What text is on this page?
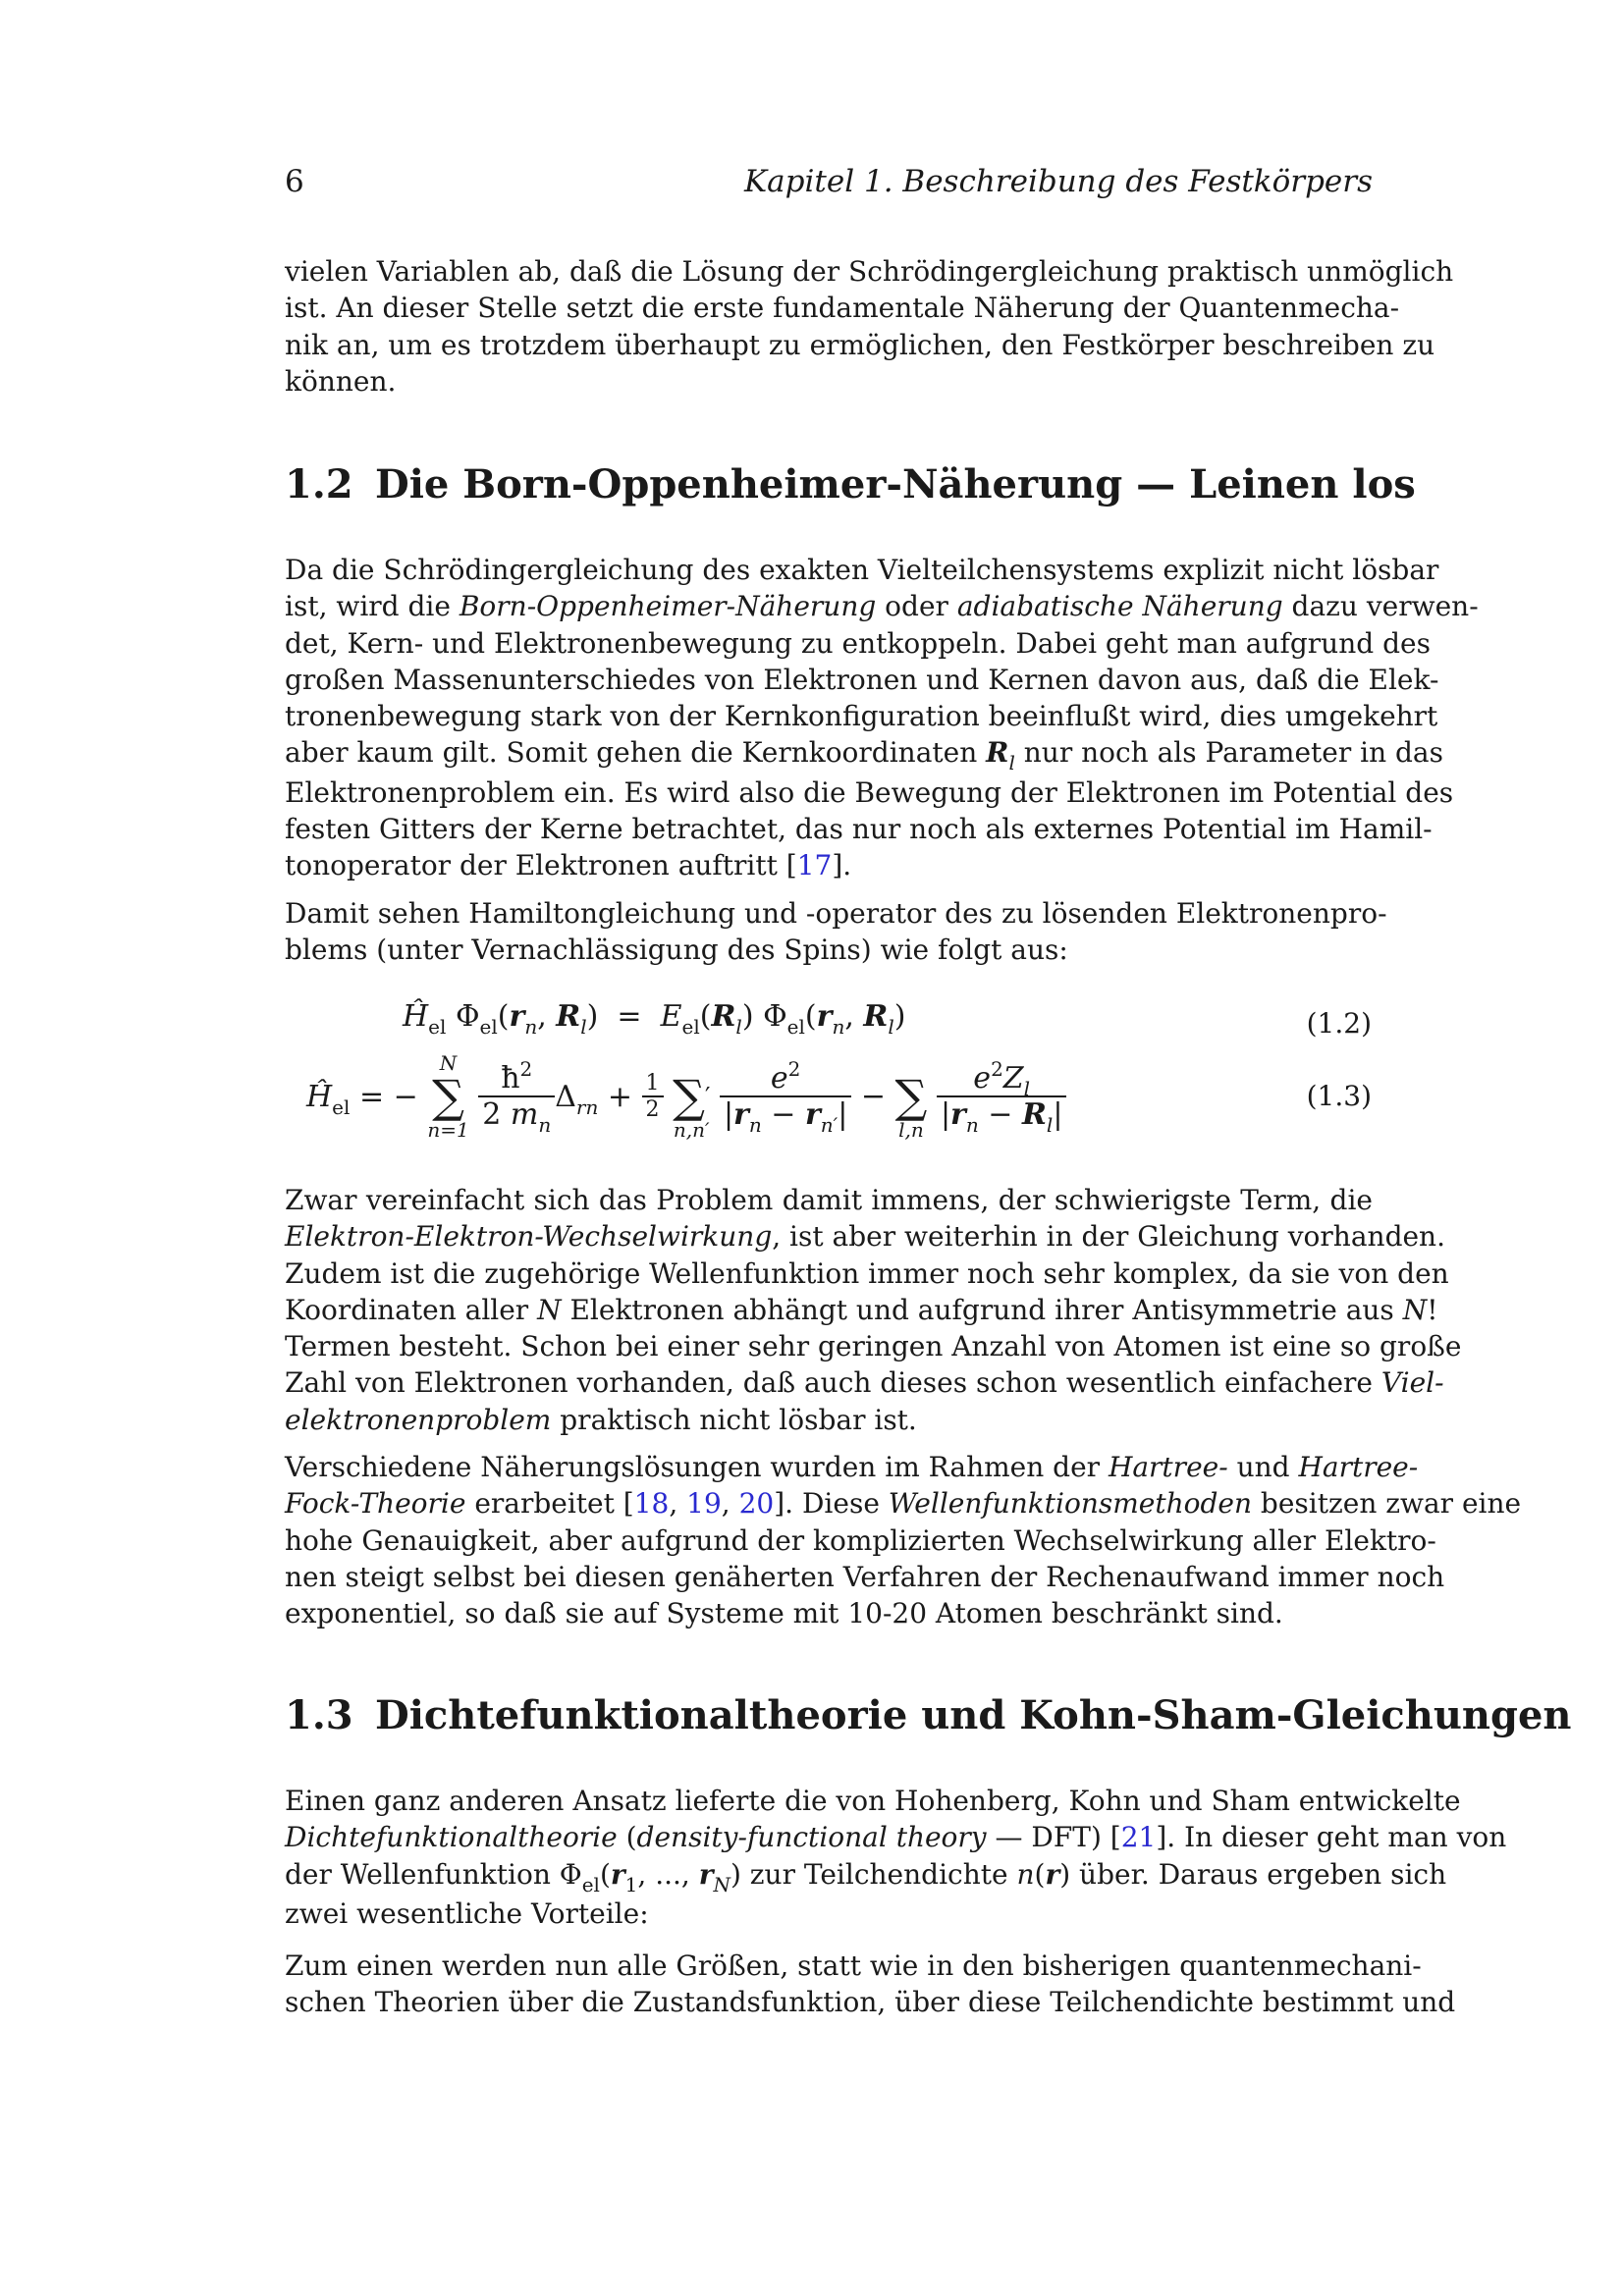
6	Kapitel 1. Beschreibung des Festkörpers
vielen Variablen ab, daß die Lösung der Schrödingergleichung praktisch unmöglich
ist. An dieser Stelle setzt die erste fundamentale Näherung der Quantenmecha-
nik an, um es trotzdem überhaupt zu ermöglichen, den Festkörper beschreiben zu
können.
1.2 Die Born-Oppenheimer-Näherung — Leinen los
Da die Schrödingergleichung des exakten Vielteilchensystems explizit nicht lösbar
ist, wird die Born-Oppenheimer-Näherung oder adiabatische Näherung dazu verwen-
det, Kern- und Elektronenbewegung zu entkoppeln. Dabei geht man aufgrund des
großen Massenunterschiedes von Elektronen und Kernen davon aus, daß die Elek-
tronenbewegung stark von der Kernkonfiguration beeinflußt wird, dies umgekehrt
aber kaum gilt. Somit gehen die Kernkoordinaten $R_l$ nur noch als Parameter in das
Elektronenproblem ein. Es wird also die Bewegung der Elektronen im Potential des
festen Gitters der Kerne betrachtet, das nur noch als externes Potential im Hamil-
tonoperator der Elektronen auftritt [17].
Damit sehen Hamiltongleichung und -operator des zu lösenden Elektronenpro-
blems (unter Vernachlässigung des Spins) wie folgt aus:
$Ĥ_{el}$ $\Phi_{el}(r_n$, $R_l) = E_{el}(R_l)$ $\Phi_{el}(r_n$, $R_l$)	(1.2)
$Ĥ_{el}$ = −
N
∑
n=1
$\frac{ħ^2}{2 m_n} \Delta_{rn} + \frac{1}{2}$

∑′
n,n′
$\frac{e^2}{|r_n - r_{n'}|}$ −
∑
l,n
$\frac{e^2Z_l}{|r_n - R_l|}$	(1.3)
Zwar vereinfacht sich das Problem damit immens, der schwierigste Term, die
Elektron-Elektron-Wechselwirkung, ist aber weiterhin in der Gleichung vorhanden.
Zudem ist die zugehörige Wellenfunktion immer noch sehr komplex, da sie von den
Koordinaten aller N Elektronen abhängt und aufgrund ihrer Antisymmetrie aus N!
Termen besteht. Schon bei einer sehr geringen Anzahl von Atomen ist eine so große
Zahl von Elektronen vorhanden, daß auch dieses schon wesentlich einfachere Viel-
elektronenproblem praktisch nicht lösbar ist.
Verschiedene Näherungslösungen wurden im Rahmen der Hartree- und Hartree-
Fock-Theorie erarbeitet [18, 19, 20]. Diese Wellenfunktionsmethoden besitzen zwar eine
hohe Genauigkeit, aber aufgrund der komplizierten Wechselwirkung aller Elektro-
nen steigt selbst bei diesen genäherten Verfahren der Rechenaufwand immer noch
exponentiel, so daß sie auf Systeme mit 10-20 Atomen beschränkt sind.
1.3 Dichtefunktionaltheorie und Kohn-Sham-Gleichungen
Einen ganz anderen Ansatz lieferte die von Hohenberg, Kohn und Sham entwickelte
Dichtefunktionaltheorie (density-functional theory — DFT) [21]. In dieser geht man von
der Wellenfunktion $\Phi_{el}(r_1$, ..., $r_N$) zur Teilchendichte n(r) über. Daraus ergeben sich
zwei wesentliche Vorteile:
Zum einen werden nun alle Größen, statt wie in den bisherigen quantenmechani-
schen Theorien über die Zustandsfunktion, über diese Teilchendichte bestimmt und
